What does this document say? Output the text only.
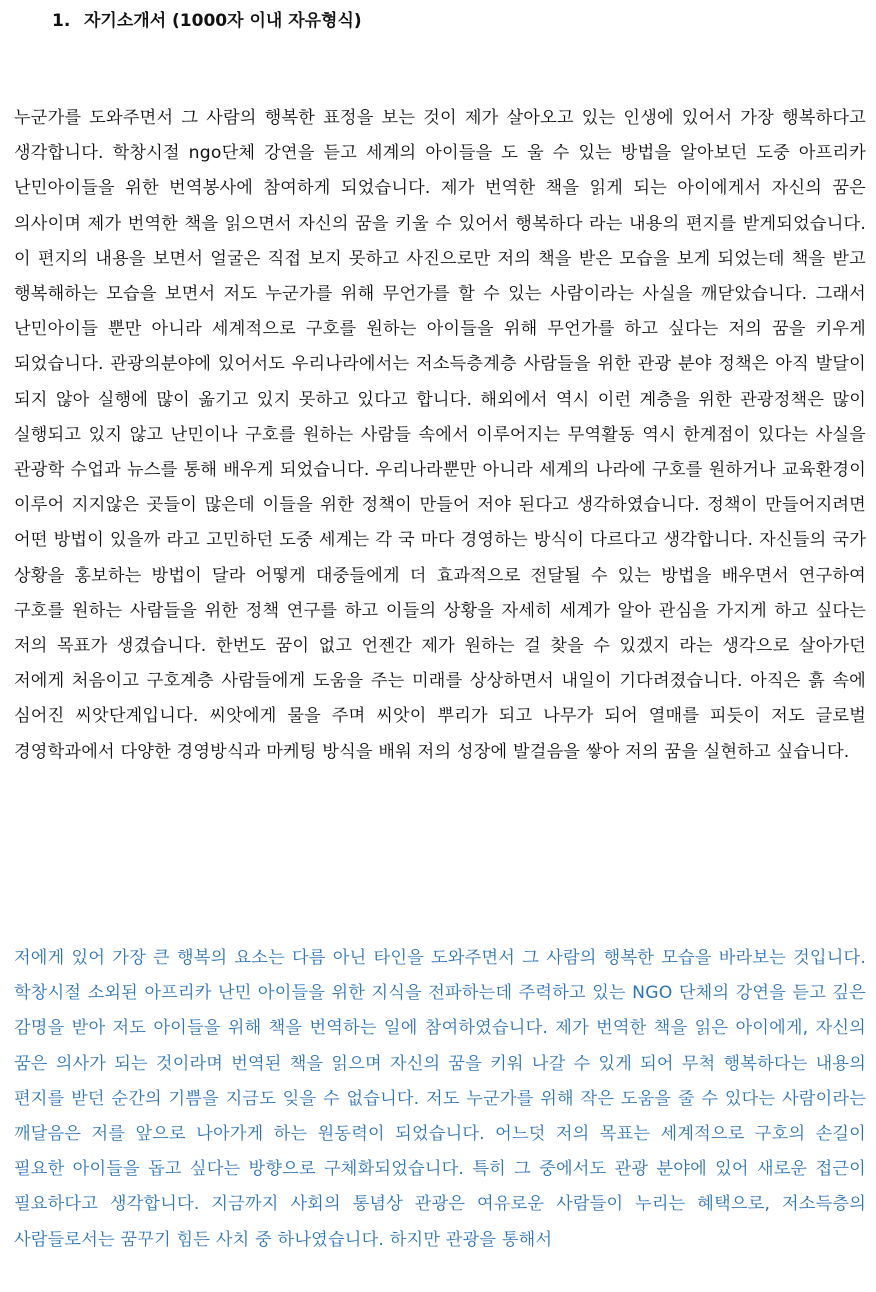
1. 자기소개서 (1000자 이내 자유형식)

누군가를 도와주면서 그 사람의 행복한 표정을 보는 것이 제가 살아오고 있는 인생에 있어서 가장 행복하다고 생각합니다. 학창시절 ngo단체 강연을 듣고 세계의 아이들을 도 울 수 있는 방법을 알아보던 도중 아프리카 난민아이들을 위한 번역봉사에 참여하게 되었습니다. 제가 번역한 책을 읽게 되는 아이에게서 자신의 꿈은 의사이며 제가 번역한 책을 읽으면서 자신의 꿈을 키울 수 있어서 행복하다 라는 내용의 편지를 받게되었습니다. 이 편지의 내용을 보면서 얼굴은 직접 보지 못하고 사진으로만 저의 책을 받은 모습을 보게 되었는데 책을 받고 행복해하는 모습을 보면서 저도 누군가를 위해 무언가를 할 수 있는 사람이라는 사실을 깨닫았습니다. 그래서 난민아이들 뿐만 아니라 세계적으로 구호를 원하는 아이들을 위해 무언가를 하고 싶다는 저의 꿈을 키우게 되었습니다. 관광의분야에 있어서도 우리나라에서는 저소득층계층 사람들을 위한 관광 분야 정책은 아직 발달이 되지 않아 실행에 많이 옮기고 있지 못하고 있다고 합니다. 해외에서 역시 이런 계층을 위한 관광정책은 많이 실행되고 있지 않고 난민이나 구호를 원하는 사람들 속에서 이루어지는 무역활동 역시 한계점이 있다는 사실을 관광학 수업과 뉴스를 통해 배우게 되었습니다. 우리나라뿐만 아니라 세계의 나라에 구호를 원하거나 교육환경이 이루어 지지않은 곳들이 많은데 이들을 위한 정책이 만들어 저야 된다고 생각하였습니다. 정책이 만들어지려면 어떤 방법이 있을까 라고 고민하던 도중 세계는 각 국 마다 경영하는 방식이 다르다고 생각합니다. 자신들의 국가 상황을 홍보하는 방법이 달라 어떻게 대중들에게 더 효과적으로 전달될 수 있는 방법을 배우면서 연구하여 구호를 원하는 사람들을 위한 정책 연구를 하고 이들의 상황을 자세히 세계가 알아 관심을 가지게 하고 싶다는 저의 목표가 생겼습니다. 한번도 꿈이 없고 언젠간 제가 원하는 걸 찾을 수 있겠지 라는 생각으로 살아가던 저에게 처음이고 구호계층 사람들에게 도움을 주는 미래를 상상하면서 내일이 기다려졌습니다. 아직은 흙 속에 심어진 씨앗단계입니다. 씨앗에게 물을 주며 씨앗이 뿌리가 되고 나무가 되어 열매를 피듯이 저도 글로벌 경영학과에서 다양한 경영방식과 마케팅 방식을 배워 저의 성장에 발걸음을 쌓아 저의 꿈을 실현하고 싶습니다.

저에게 있어 가장 큰 행복의 요소는 다름 아닌 타인을 도와주면서 그 사람의 행복한 모습을 바라보는 것입니다. 학창시절 소외된 아프리카 난민 아이들을 위한 지식을 전파하는데 주력하고 있는 NGO 단체의 강연을 듣고 깊은 감명을 받아 저도 아이들을 위해 책을 번역하는 일에 참여하였습니다. 제가 번역한 책을 읽은 아이에게, 자신의 꿈은 의사가 되는 것이라며 번역된 책을 읽으며 자신의 꿈을 키워 나갈 수 있게 되어 무척 행복하다는 내용의 편지를 받던 순간의 기쁨을 지금도 잊을 수 없습니다. 저도 누군가를 위해 작은 도움을 줄 수 있다는 사람이라는 깨달음은 저를 앞으로 나아가게 하는 원동력이 되었습니다. 어느덧 저의 목표는 세계적으로 구호의 손길이 필요한 아이들을 돕고 싶다는 방향으로 구체화되었습니다. 특히 그 중에서도 관광 분야에 있어 새로운 접근이 필요하다고 생각합니다. 지금까지 사회의 통념상 관광은 여유로운 사람들이 누리는 혜택으로, 저소득층의 사람들로서는 꿈꾸기 힘든 사치 중 하나였습니다. 하지만 관광을 통해서
